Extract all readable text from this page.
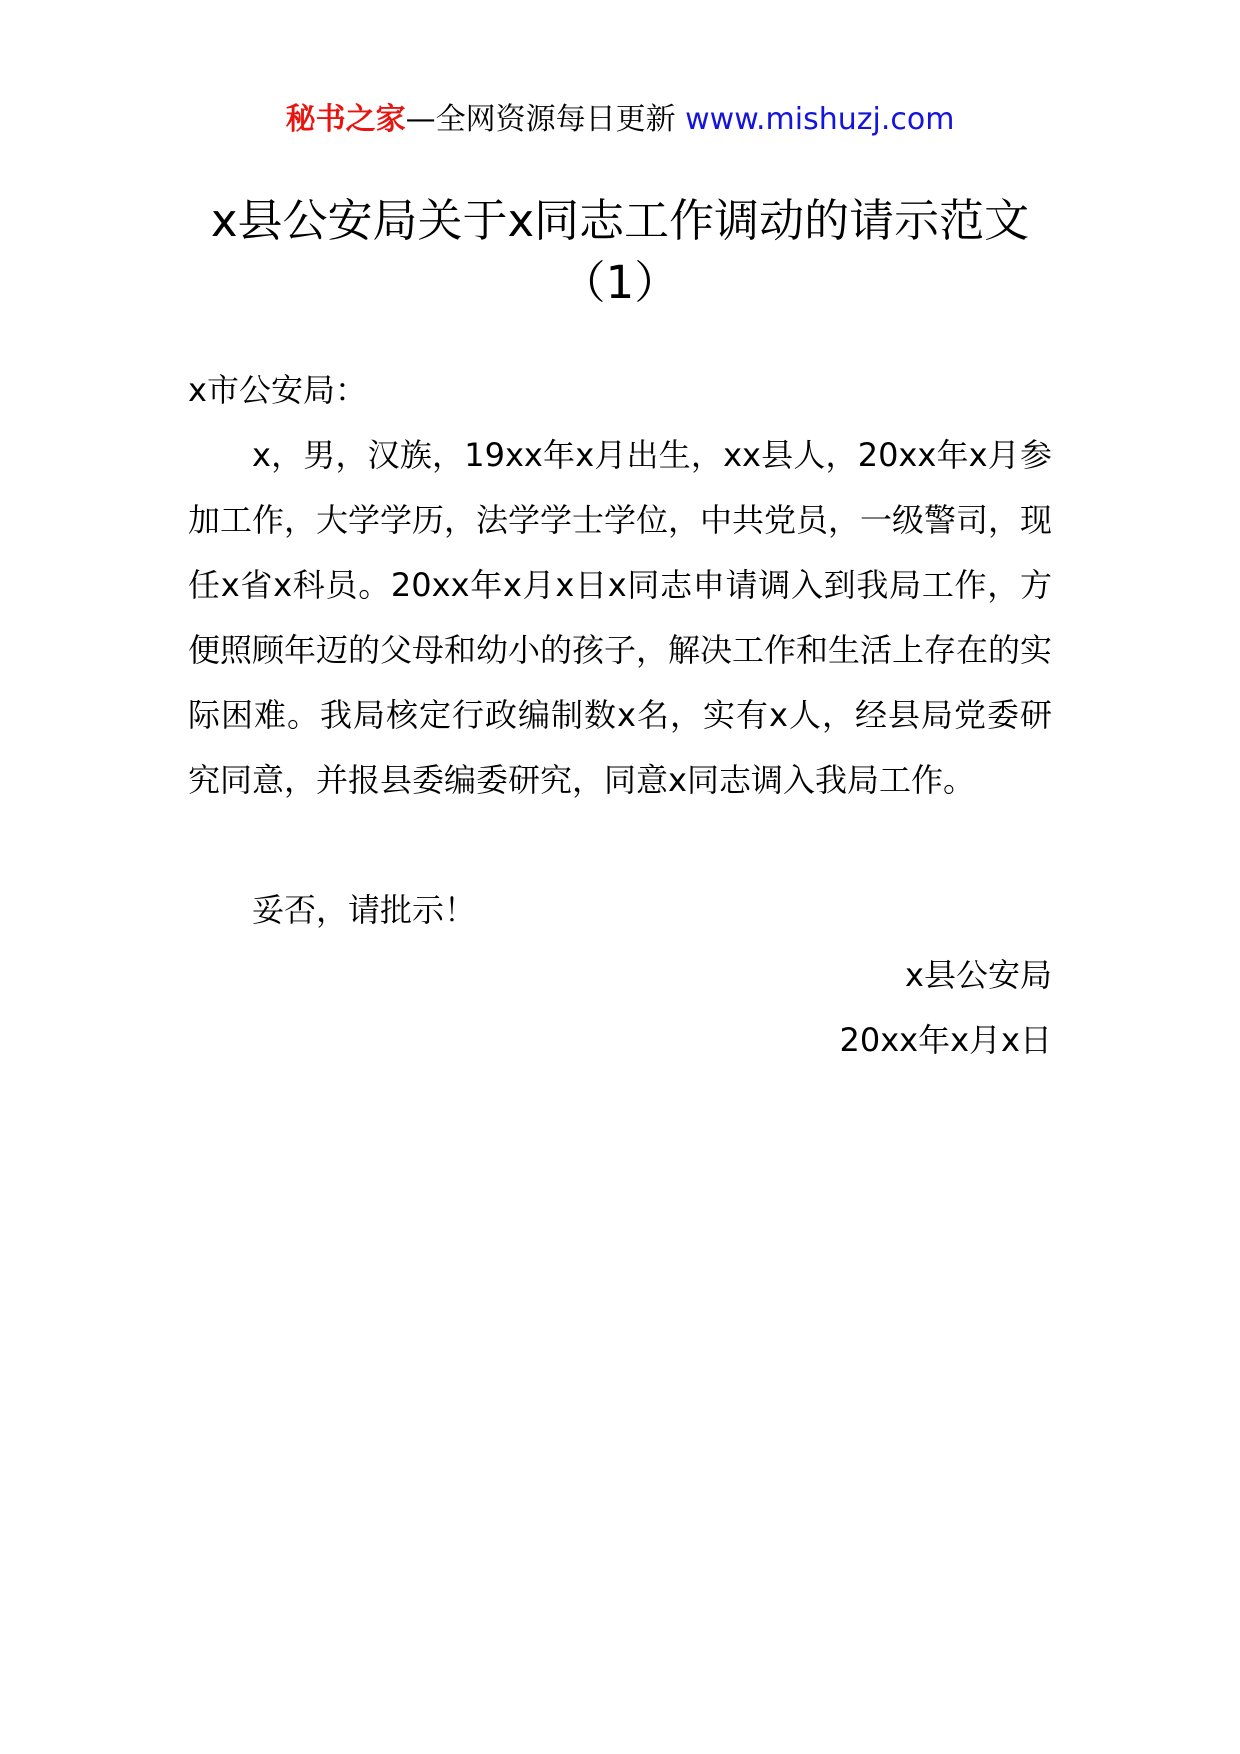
秘书之家—全网资源每日更新 www.mishuzj.com
x县公安局关于x同志工作调动的请示范文
（1）

x市公安局：

x，男，汉族，19xx年x月出生，xx县人，20xx年x月参加工作，大学学历，法学学士学位，中共党员，一级警司，现任x省x科员。20xx年x月x日x同志申请调入到我局工作，方便照顾年迈的父母和幼小的孩子，解决工作和生活上存在的实际困难。我局核定行政编制数x名，实有x人，经县局党委研究同意，并报县委编委研究，同意x同志调入我局工作。

妥否，请批示！

x县公安局

20xx年x月x日
